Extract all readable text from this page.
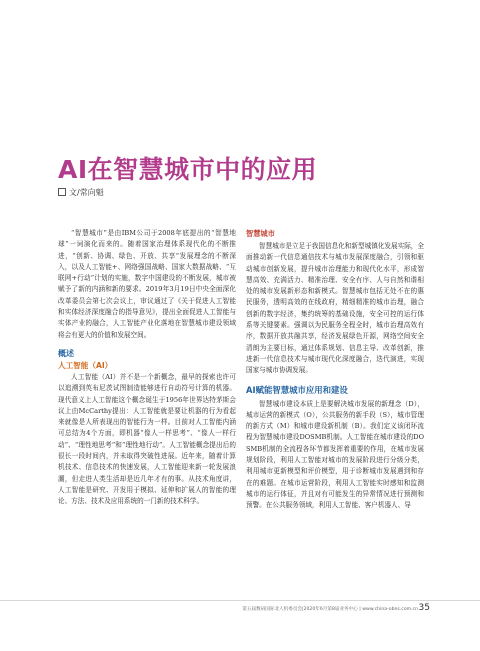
AI在智慧城市中的应用
文/常向魁

“智慧城市”是由IBM公司于2008年底提出的“智慧地球”一词演化而来的。随着国家治理体系现代化的不断推进，“创新、协调、绿色、开放、共享”发展理念的不断深入，以及人工智能+、网络强国战略、国家大数据战略、“互联网+行动”计划的实施，数字中国建设的不断发展，城市被赋予了新的内涵和新的要求。2019年3月19日中央全面深化改革委员会第七次会议上，审议通过了《关于促进人工智能和实体经济深度融合的指导意见》，提出全面促进人工智能与实体产业的融合，人工智能产业化落地在智慧城市建设领域将会有更大的价值和发展空间。

概述
人工智能（AI）

人工智能（AI）并不是一个新概念，最早的探索也许可以追溯到英布尼茨试图制造能够进行自动符号计算的机器。现代意义上人工智能这个概念诞生于1956年世界达特茅斯会议上由McCarthy提出：人工智能就是要让机器的行为看起来就像是人所表现出的智能行为一样。目前对人工智能内涵可总结为4个方面，即机器“像人一样思考”、“像人一样行动”、“理性地思考”和“理性地行动”。人工智能概念提出后的很长一段时间内，并未取得突破性进展。近年来，随着计算机技术、信息技术的快速发展，人工智能迎来新一轮发展浪潮，但走进人类生活却是近几年才有的事。从技术角度讲，人工智能是研究、开发用于模拟、延伸和扩展人的智能的理论、方法、技术及应用系统的一门新的技术科学。

智慧城市

智慧城市是立足于我国信息化和新型城镇化发展实际，全面推动新一代信息通信技术与城市发展深度融合，引领和驱动城市创新发展，提升城市治理能力和现代化水平，形成智慧高效、充满活力、精准治理、安全有序、人与自然和谐相处的城市发展新形态和新模式。智慧城市包括无处不在的惠民服务，透明高效的在线政府，精细精准的城市治理，融合创新的数字经济，集约统筹的基础设施，安全可控的运行体系等关键要素。强调以为民服务全程全时，城市治理高效有序，数据开放共融共享，经济发展绿色开源，网络空间安全清朗为主要目标，通过体系规划、信息主导、改革创新，推进新一代信息技术与城市现代化深度融合，迭代演进，实现国家与城市协调发展。

AI赋能智慧城市应用和建设

智慧城市建设本质上是要解决城市发展的新理念（D），城市运营的新模式（O），公共服务的新手段（S），城市管理的新方式（M）和城市建设新机制（B）。我们定义该闭环流程为智慧城市建设DOSMB机制。人工智能在城市建设的DOSMB机制的全流程各环节都发挥着重要的作用，在城市发展规划阶段，利用人工智能对城市的发展阶段进行分级分类，利用城市更新模型和评价模型，用于诊断城市发展遇到和存在的难题。在城市运营阶段，利用人工智能实时感知和监测城市的运行体征，并且对有可能发生的异常情况进行预测和预警。在公共服务领域，利用人工智能、客户机器人、导

第五届数码国际北人机委员会|2020年6月第8届业务中心 | www.china-obns.com.cn 35
